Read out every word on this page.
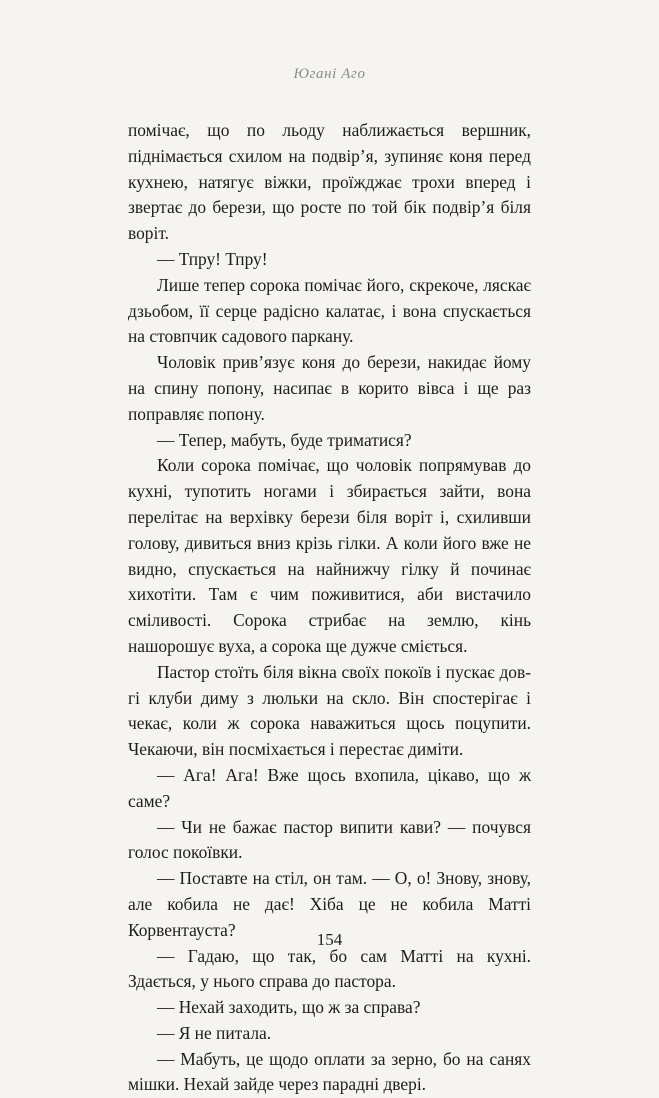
Югані Аго

помічає, що по льоду наближається вершник, піднімається схилом на подвір’я, зупиняє коня перед кухнею, натягує віжки, проїжджає трохи вперед і звертає до берези, що росте по той бік подвір’я біля воріт.

— Тпру! Тпру!

Лише тепер сорока помічає його, скрекоче, ляскає дзьобом, її серце радісно калатає, і вона спускається на стовпчик садового паркану.

Чоловік прив’язує коня до берези, накидає йому на спину попону, насипає в корито вівса і ще раз поправляє попону.

— Тепер, мабуть, буде триматися?

Коли сорока помічає, що чоловік попрямував до кухні, тупотить ногами і збирається зайти, вона перелітає на верхівку берези біля воріт і, схиливши голову, дивиться вниз крізь гілки. А коли його вже не видно, спускається на найнижчу гілку й починає хихотіти. Там є чим поживитися, аби вистачило сміливості. Сорока стрибає на землю, кінь нашорошує вуха, а сорока ще дужче сміється.

Пастор стоїть біля вікна своїх покоїв і пускає довгі клуби диму з люльки на скло. Він спостерігає і чекає, коли ж сорока наважиться щось поцупити. Чекаючи, він посміхається і перестає диміти.

— Ага! Ага! Вже щось вхопила, цікаво, що ж саме?

— Чи не бажає пастор випити кави? — почувся голос покоївки.

— Поставте на стіл, он там. — О, о! Знову, знову, але кобила не дає! Хіба це не кобила Матті Корвентауста?

— Гадаю, що так, бо сам Матті на кухні. Здається, у нього справа до пастора.

— Нехай заходить, що ж за справа?

— Я не питала.

— Мабуть, це щодо оплати за зерно, бо на санях мішки. Нехай зайде через парадні двері.

154
